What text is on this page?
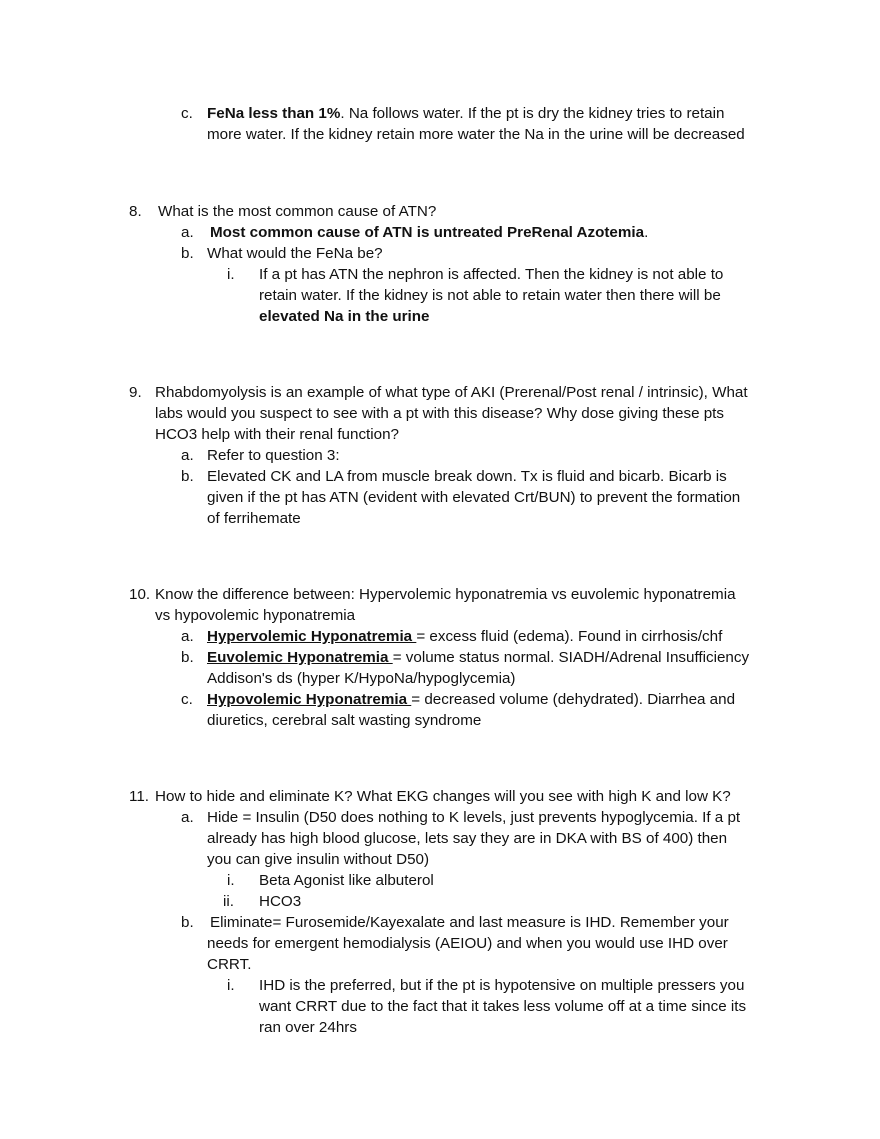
c. FeNa less than 1%. Na follows water. If the pt is dry the kidney tries to retain
more water. If the kidney retain more water the Na in the urine will be decreased
8. What is the most common cause of ATN?
a. Most common cause of ATN is untreated PreRenal Azotemia.
b. What would the FeNa be?
i. If a pt has ATN the nephron is affected. Then the kidney is not able to
retain water. If the kidney is not able to retain water then there will be
elevated Na in the urine
9. Rhabdomyolysis is an example of what type of AKI (Prerenal/Post renal / intrinsic), What
labs would you suspect to see with a pt with this disease? Why dose giving these pts
HCO3 help with their renal function?
a. Refer to question 3:
b. Elevated CK and LA from muscle break down. Tx is fluid and bicarb. Bicarb is
given if the pt has ATN (evident with elevated Crt/BUN) to prevent the formation
of ferrihemate
10. Know the difference between: Hypervolemic hyponatremia vs euvolemic hyponatremia
vs hypovolemic hyponatremia
a. Hypervolemic Hyponatremia = excess fluid (edema). Found in cirrhosis/chf
b. Euvolemic Hyponatremia = volume status normal. SIADH/Adrenal Insufficiency
Addison's ds (hyper K/HypoNa/hypoglycemia)
c. Hypovolemic Hyponatremia = decreased volume (dehydrated). Diarrhea and
diuretics, cerebral salt wasting syndrome
11. How to hide and eliminate K? What EKG changes will you see with high K and low K?
a. Hide = Insulin (D50 does nothing to K levels, just prevents hypoglycemia. If a pt
already has high blood glucose, lets say they are in DKA with BS of 400) then
you can give insulin without D50)
i. Beta Agonist like albuterol
ii. HCO3
b. Eliminate= Furosemide/Kayexalate and last measure is IHD. Remember your
needs for emergent hemodialysis (AEIOU) and when you would use IHD over
CRRT.
i. IHD is the preferred, but if the pt is hypotensive on multiple pressers you
want CRRT due to the fact that it takes less volume off at a time since its
ran over 24hrs
